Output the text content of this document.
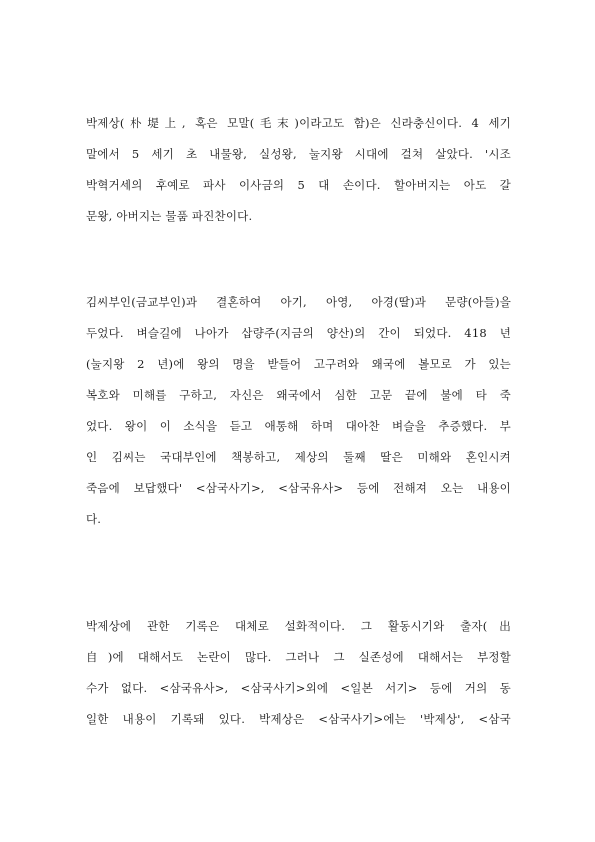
박제상(朴堤上, 혹은 모말(毛末)이라고도 함)은 신라충신이다. 4 세기
말에서 5 세기 초 내물왕, 실성왕, 눌지왕 시대에 걸쳐 살았다. '시조
박혁거세의 후예로 파사 이사금의 5 대 손이다. 할아버지는 아도 갈
문왕, 아버지는 물품 파진찬이다.
김씨부인(금교부인)과 결혼하여 아기, 아영, 아경(딸)과 문량(아들)을
두었다. 벼슬길에 나아가 삽량주(지금의 양산)의 간이 되었다. 418 년
(눌지왕 2 년)에 왕의 명을 받들어 고구려와 왜국에 볼모로 가 있는
복호와 미해를 구하고, 자신은 왜국에서 심한 고문 끝에 불에 타 죽
었다. 왕이 이 소식을 듣고 애통해 하며 대아찬 벼슬을 추증했다. 부
인 김씨는 국대부인에 책봉하고, 제상의 둘째 딸은 미해와 혼인시켜
죽음에 보답했다' <삼국사기>, <삼국유사> 등에 전해져 오는 내용이
다.
박제상에 관한 기록은 대체로 설화적이다. 그 활동시기와 출자(出
自)에 대해서도 논란이 많다. 그러나 그 실존성에 대해서는 부정할
수가 없다. <삼국유사>, <삼국사기>외에 <일본 서기> 등에 거의 동
일한 내용이 기록돼 있다. 박제상은 <삼국사기>에는 '박제상', <삼국
